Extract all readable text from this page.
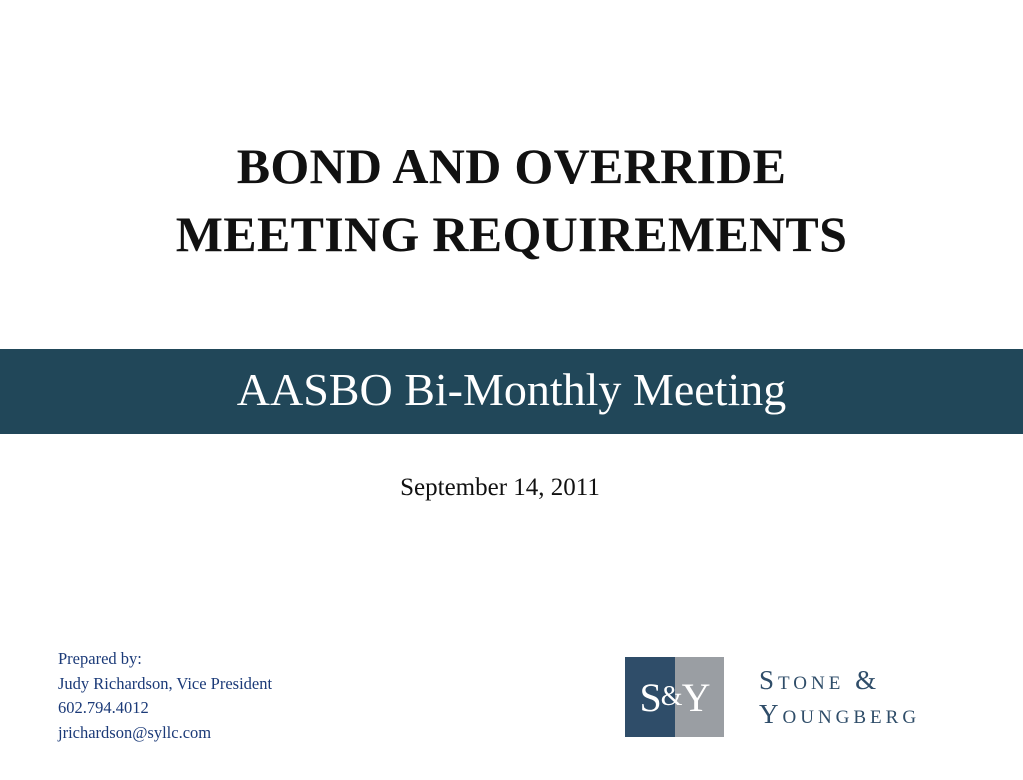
BOND AND OVERRIDE
MEETING REQUIREMENTS
AASBO Bi-Monthly Meeting
September 14, 2011
Prepared by:
Judy Richardson, Vice President
602.794.4012
jrichardson@syllc.com
S&Y	Stone &
Youngberg
